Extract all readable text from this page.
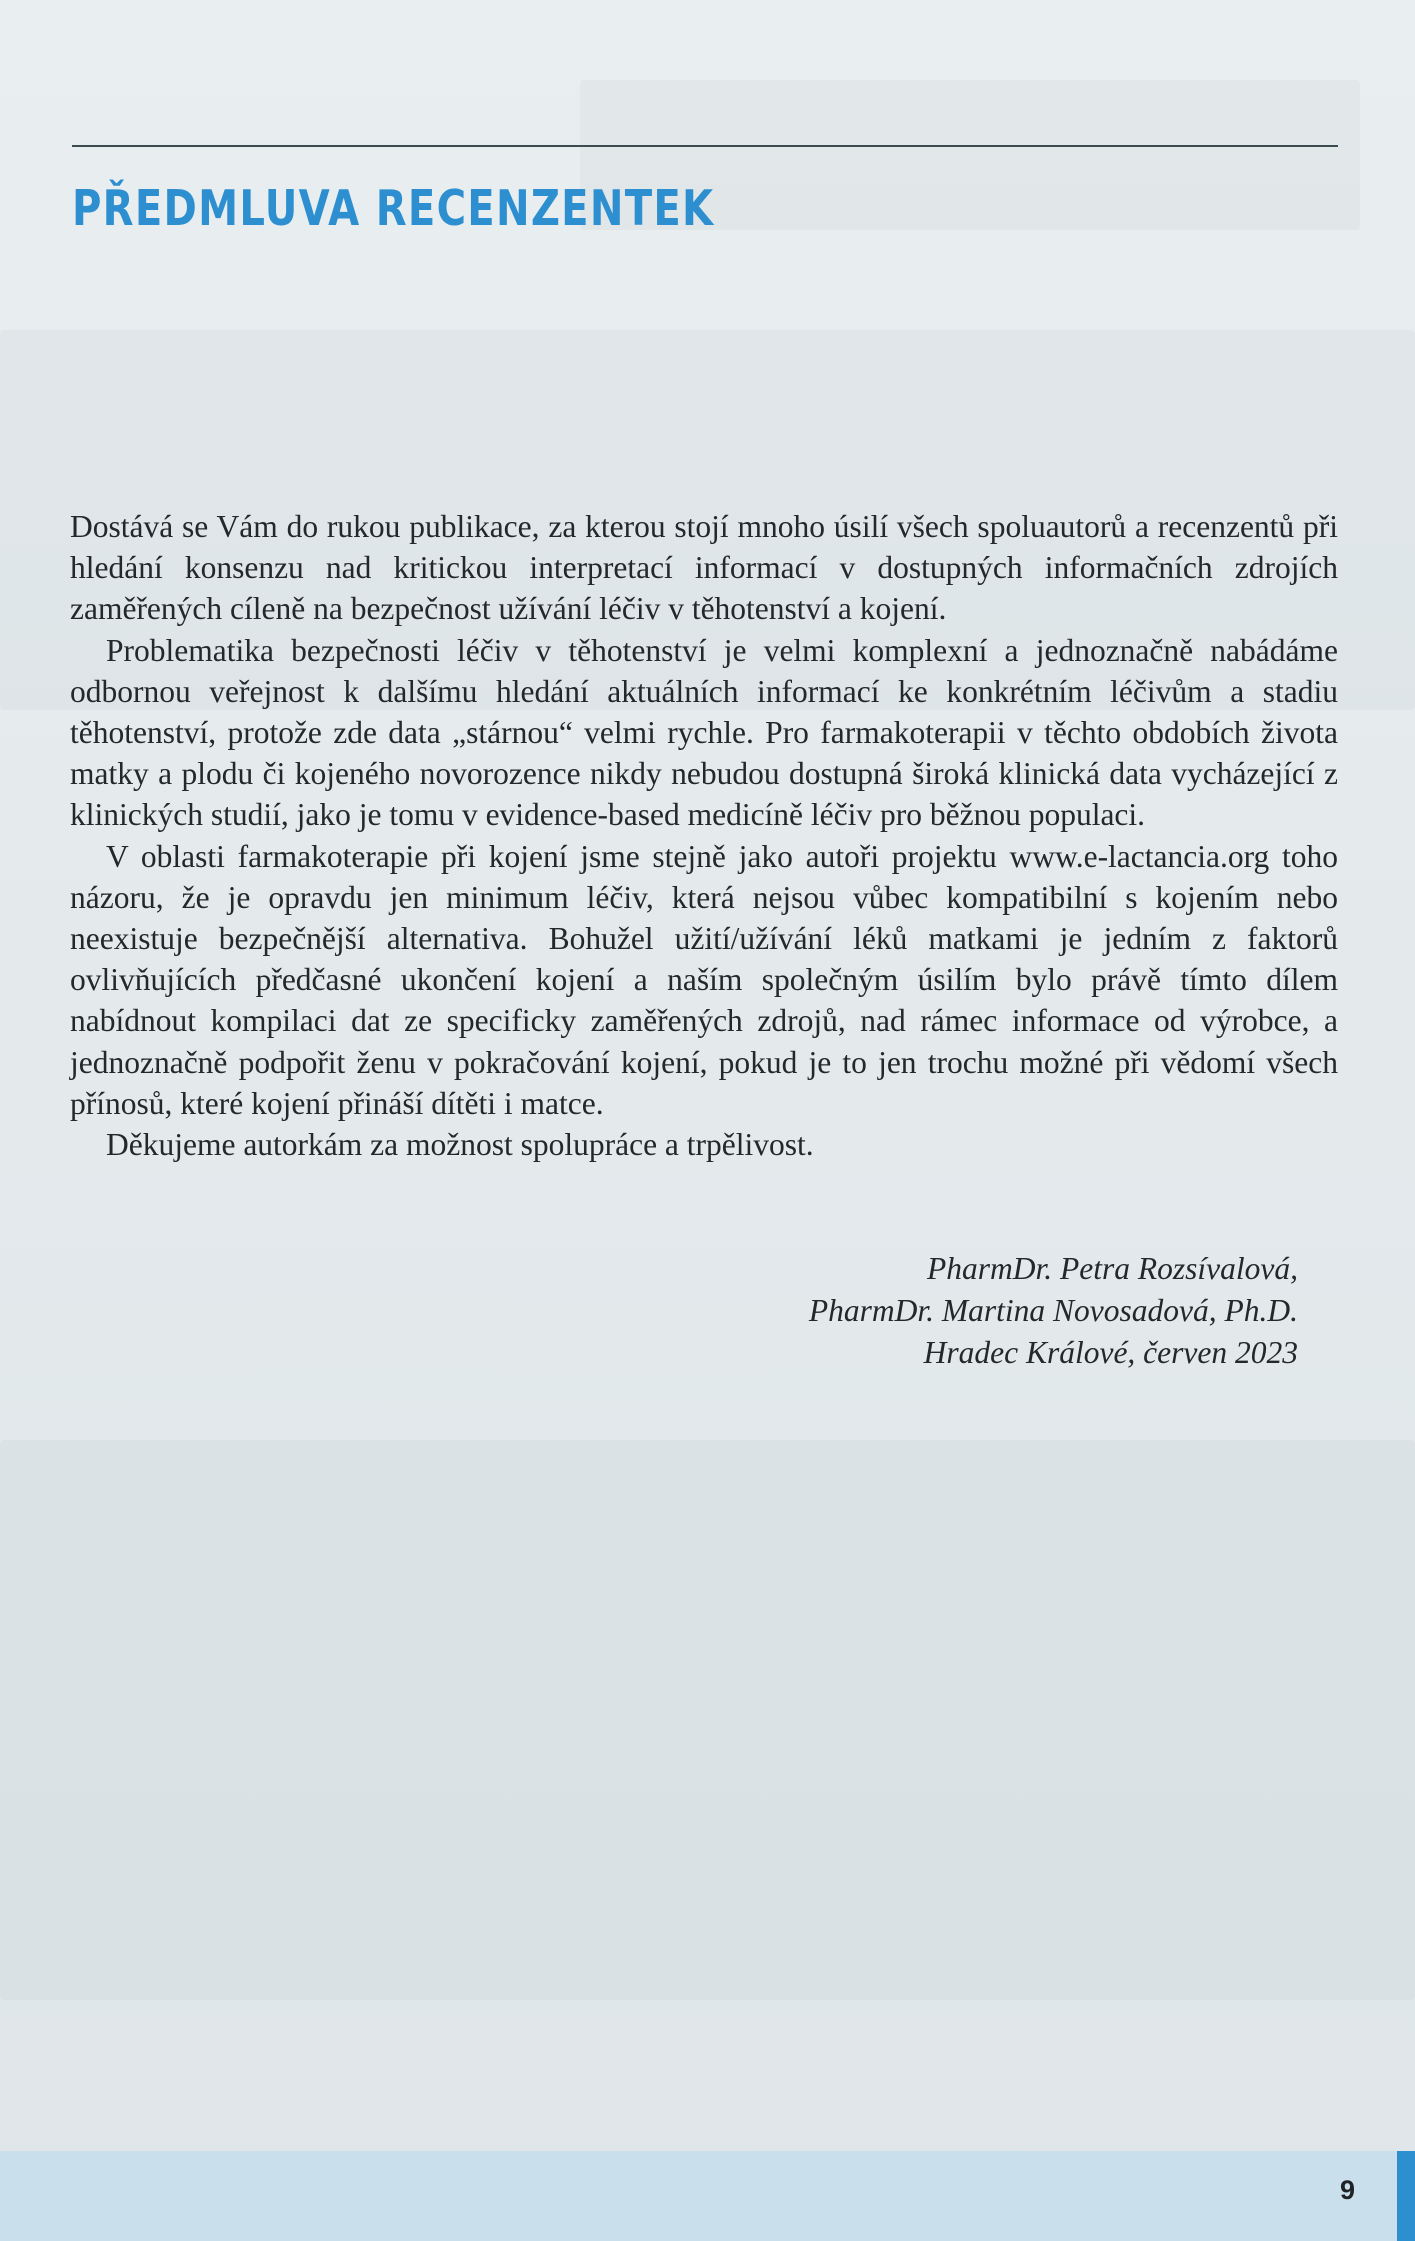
PŘEDMLUVA RECENZENTEK

Dostává se Vám do rukou publikace, za kterou stojí mnoho úsilí všech spoluautorů a recenzentů při hledání konsenzu nad kritickou interpretací informací v dostupných informačních zdrojích zaměřených cíleně na bezpečnost užívání léčiv v těhotenství a kojení.

Problematika bezpečnosti léčiv v těhotenství je velmi komplexní a jednoznačně nabádáme odbornou veřejnost k dalšímu hledání aktuálních informací ke konkrétním léčivům a stadiu těhotenství, protože zde data „stárnou“ velmi rychle. Pro farmakoterapii v těchto obdobích života matky a plodu či kojeného novorozence nikdy nebudou dostupná široká klinická data vycházející z klinických studií, jako je tomu v evidence-based medicíně léčiv pro běžnou populaci.

V oblasti farmakoterapie při kojení jsme stejně jako autoři projektu www.e-lactancia.org toho názoru, že je opravdu jen minimum léčiv, která nejsou vůbec kompatibilní s kojením nebo neexistuje bezpečnější alternativa. Bohužel užití/užívání léků matkami je jedním z faktorů ovlivňujících předčasné ukončení kojení a naším společným úsilím bylo právě tímto dílem nabídnout kompilaci dat ze specificky zaměřených zdrojů, nad rámec informace od výrobce, a jednoznačně podpořit ženu v pokračování kojení, pokud je to jen trochu možné při vědomí všech přínosů, které kojení přináší dítěti i matce.

Děkujeme autorkám za možnost spolupráce a trpělivost.

PharmDr. Petra Rozsívalová,
PharmDr. Martina Novosadová, Ph.D.
Hradec Králové, červen 2023
9
